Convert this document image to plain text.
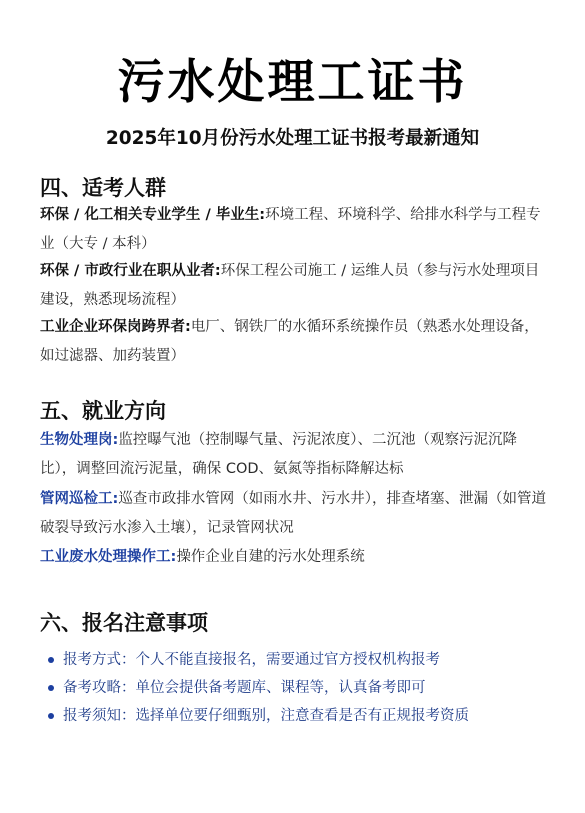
污水处理工证书
2025年10月份污水处理工证书报考最新通知
四、适考人群

环保 / 化工相关专业学生 / 毕业生:环境工程、环境科学、给排水科学与工程专业（大专 / 本科）

环保 / 市政行业在职从业者:环保工程公司施工 / 运维人员（参与污水处理项目建设，熟悉现场流程）

工业企业环保岗跨界者:电厂、钢铁厂的水循环系统操作员（熟悉水处理设备，如过滤器、加药装置）

五、就业方向

生物处理岗:监控曝气池（控制曝气量、污泥浓度）、二沉池（观察污泥沉降比），调整回流污泥量，确保 COD、氨氮等指标降解达标

管网巡检工:巡查市政排水管网（如雨水井、污水井），排查堵塞、泄漏（如管道破裂导致污水渗入土壤），记录管网状况

工业废水处理操作工:操作企业自建的污水处理系统

六、报名注意事项

报考方式：个人不能直接报名，需要通过官方授权机构报考

备考攻略：单位会提供备考题库、课程等，认真备考即可

报考须知：选择单位要仔细甄别，注意查看是否有正规报考资质
